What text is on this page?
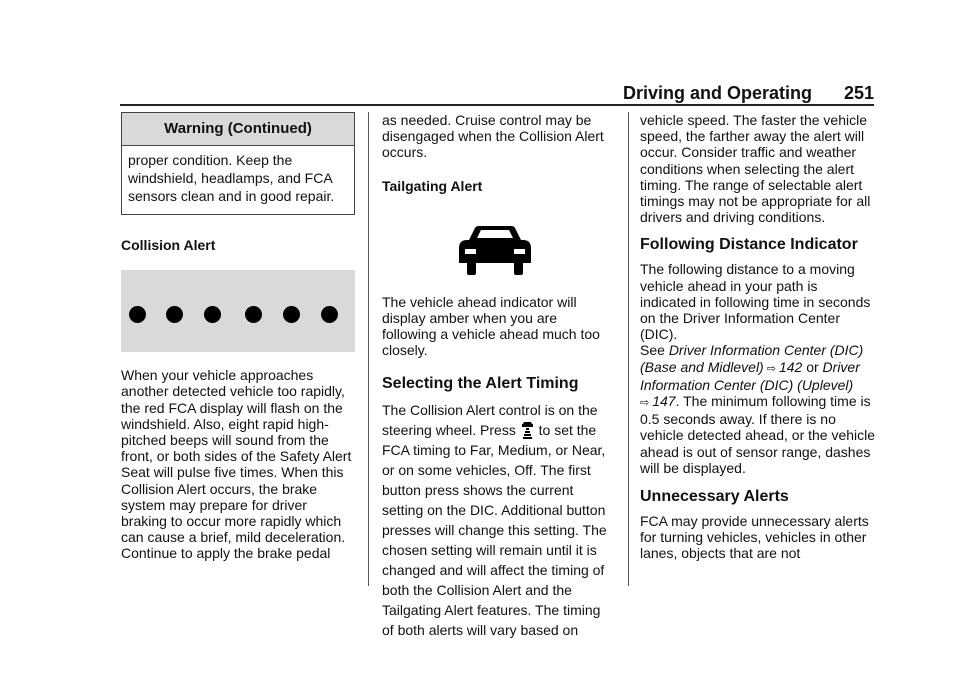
Driving and Operating 251
Warning (Continued)
proper condition. Keep the windshield, headlamps, and FCA sensors clean and in good repair.

Collision Alert

When your vehicle approaches another detected vehicle too rapidly, the red FCA display will flash on the windshield. Also, eight rapid high-pitched beeps will sound from the front, or both sides of the Safety Alert Seat will pulse five times. When this Collision Alert occurs, the brake system may prepare for driver braking to occur more rapidly which can cause a brief, mild deceleration. Continue to apply the brake pedal

as needed. Cruise control may be disengaged when the Collision Alert occurs.

Tailgating Alert

The vehicle ahead indicator will display amber when you are following a vehicle ahead much too closely.

Selecting the Alert Timing

The Collision Alert control is on the steering wheel. Press to set the FCA timing to Far, Medium, or Near, or on some vehicles, Off. The first button press shows the current setting on the DIC. Additional button presses will change this setting. The chosen setting will remain until it is changed and will affect the timing of both the Collision Alert and the Tailgating Alert features. The timing of both alerts will vary based on

vehicle speed. The faster the vehicle speed, the farther away the alert will occur. Consider traffic and weather conditions when selecting the alert timing. The range of selectable alert timings may not be appropriate for all drivers and driving conditions.

Following Distance Indicator

The following distance to a moving vehicle ahead in your path is indicated in following time in seconds on the Driver Information Center (DIC).
See Driver Information Center (DIC) (Base and Midlevel) ⇨ 142 or Driver Information Center (DIC) (Uplevel)
⇨ 147. The minimum following time is 0.5 seconds away. If there is no vehicle detected ahead, or the vehicle ahead is out of sensor range, dashes will be displayed.

Unnecessary Alerts

FCA may provide unnecessary alerts for turning vehicles, vehicles in other lanes, objects that are not
